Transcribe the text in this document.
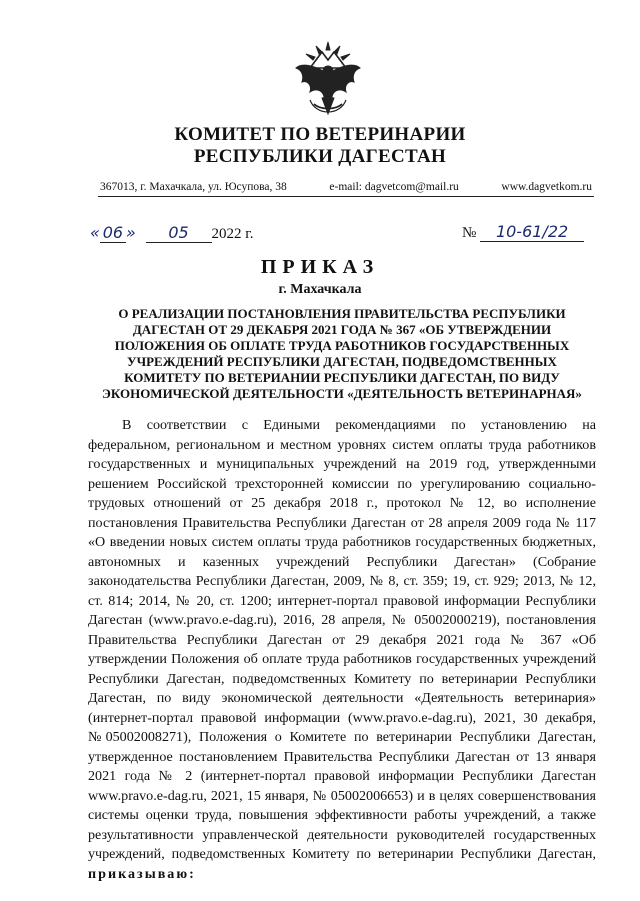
КОМИТЕТ ПО ВЕТЕРИНАРИИ
РЕСПУБЛИКИ ДАГЕСТАН
367013, г. Махачкала, ул. Юсупова, 38	e-mail: dagvetcom@mail.ru	www.dagvetkom.ru
« 06 » 05 2022 г.	№ 10-61/22
ПРИКАЗ
г. Махачкала
О РЕАЛИЗАЦИИ ПОСТАНОВЛЕНИЯ ПРАВИТЕЛЬСТВА РЕСПУБЛИКИ ДАГЕСТАН ОТ 29 ДЕКАБРЯ 2021 ГОДА № 367 «ОБ УТВЕРЖДЕНИИ ПОЛОЖЕНИЯ ОБ ОПЛАТЕ ТРУДА РАБОТНИКОВ ГОСУДАРСТВЕННЫХ УЧРЕЖДЕНИЙ РЕСПУБЛИКИ ДАГЕСТАН, ПОДВЕДОМСТВЕННЫХ КОМИТЕТУ ПО ВЕТЕРИАНИИ РЕСПУБЛИКИ ДАГЕСТАН, ПО ВИДУ ЭКОНОМИЧЕСКОЙ ДЕЯТЕЛЬНОСТИ «ДЕЯТЕЛЬНОСТЬ ВЕТЕРИНАРНАЯ»

В соответствии с Едиными рекомендациями по установлению на федеральном, региональном и местном уровнях систем оплаты труда работников государственных и муниципальных учреждений на 2019 год, утвержденными решением Российской трехсторонней комиссии по урегулированию социально-трудовых отношений от 25 декабря 2018 г., протокол № 12, во исполнение постановления Правительства Республики Дагестан от 28 апреля 2009 года № 117 «О введении новых систем оплаты труда работников государственных бюджетных, автономных и казенных учреждений Республики Дагестан» (Собрание законодательства Республики Дагестан, 2009, № 8, ст. 359; 19, ст. 929; 2013, № 12, ст. 814; 2014, № 20, ст. 1200; интернет-портал правовой информации Республики Дагестан (www.pravo.e-dag.ru), 2016, 28 апреля, № 05002000219), постановления Правительства Республики Дагестан от 29 декабря 2021 года № 367 «Об утверждении Положения об оплате труда работников государственных учреждений Республики Дагестан, подведомственных Комитету по ветеринарии Республики Дагестан, по виду экономической деятельности «Деятельность ветеринария» (интернет-портал правовой информации (www.pravo.e-dag.ru), 2021, 30 декабря, №05002008271), Положения о Комитете по ветеринарии Республики Дагестан, утвержденное постановлением Правительства Республики Дагестан от 13 января 2021 года № 2 (интернет-портал правовой информации Республики Дагестан www.pravo.e-dag.ru, 2021, 15 января, № 05002006653) и в целях совершенствования системы оценки труда, повышения эффективности работы учреждений, а также результативности управленческой деятельности руководителей государственных учреждений, подведомственных Комитету по ветеринарии Республики Дагестан, приказываю:
